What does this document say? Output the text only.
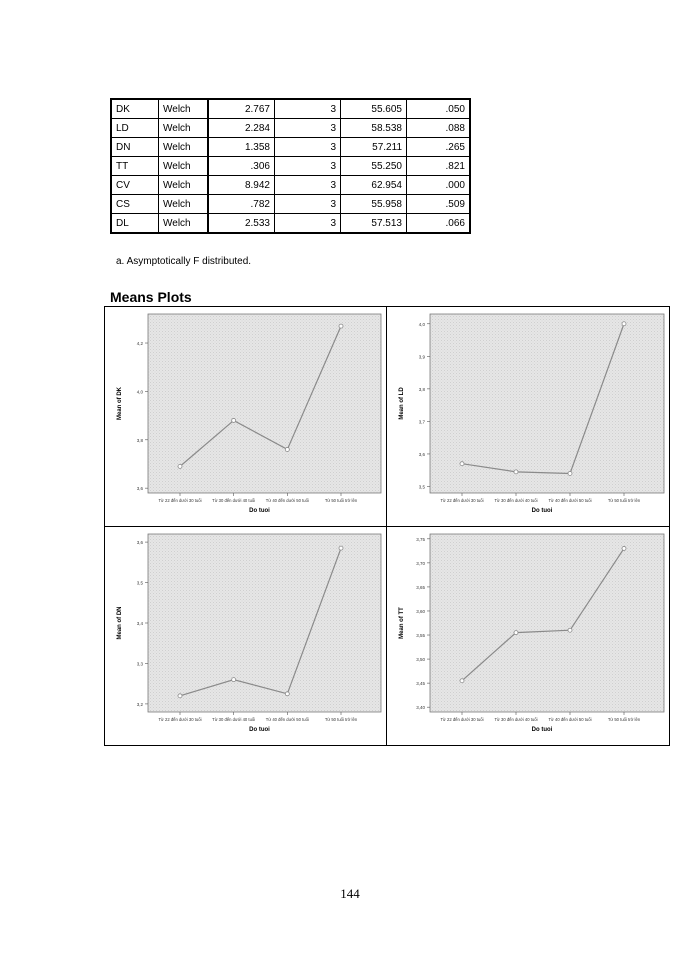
DK	Welch	2.767	3	55.605	.050
LD	Welch	2.284	3	58.538	.088
DN	Welch	1.358	3	57.211	.265
TT	Welch	.306	3	55.250	.821
CV	Welch	8.942	3	62.954	.000
CS	Welch	.782	3	55.958	.509
DL	Welch	2.533	3	57.513	.066
a. Asymptotically F distributed.
Means Plots
3,6
3,8
4,0
4,2
Từ 22 đến dưới 30 tuổi	Từ 30 đến dưới 40 tuổi	Từ 40 đến dưới 50 tuổi	Từ 50 tuổi trở lên
Do tuoi
Mean of DK
3,5
3,6
3,7
3,8
3,9
4,0
Từ 22 đến dưới 30 tuổi	Từ 30 đến dưới 40 tuổi	Từ 40 đến dưới 50 tuổi	Từ 50 tuổi trở lên
Do tuoi
Mean of LD
3,2
3,3
3,4
3,5
3,6
Từ 22 đến dưới 30 tuổi	Từ 30 đến dưới 40 tuổi	Từ 40 đến dưới 50 tuổi	Từ 50 tuổi trở lên
Do tuoi
Mean of DN
3,40
3,45
3,50
3,55
3,60
3,65
3,70
3,75
Từ 22 đến dưới 30 tuổi	Từ 30 đến dưới 40 tuổi	Từ 40 đến dưới 50 tuổi	Từ 50 tuổi trở lên
Do tuoi
Mean of TT
144
